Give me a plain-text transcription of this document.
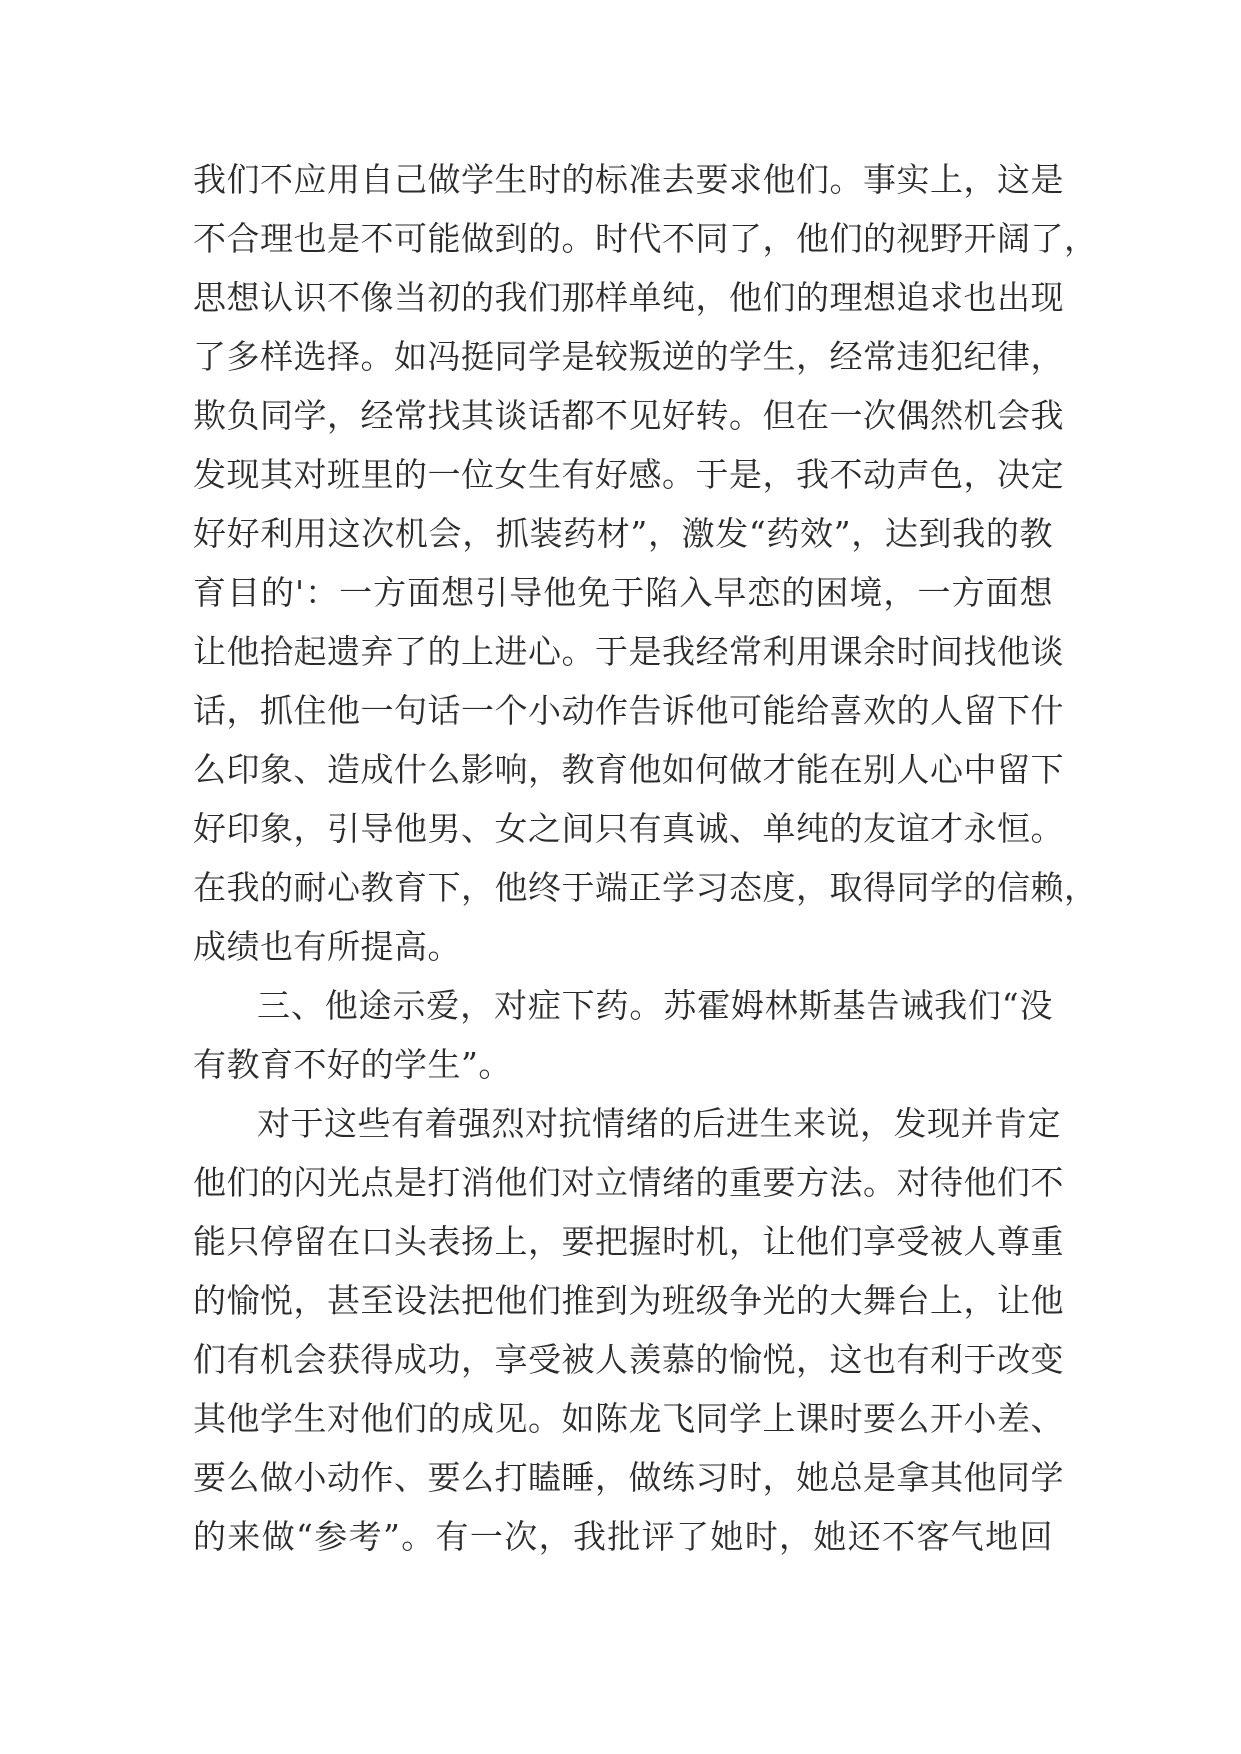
我们不应用自己做学生时的标准去要求他们。事实上，这是
不合理也是不可能做到的。时代不同了，他们的视野开阔了，
思想认识不像当初的我们那样单纯，他们的理想追求也出现
了多样选择。如冯挺同学是较叛逆的学生，经常违犯纪律，
欺负同学，经常找其谈话都不见好转。但在一次偶然机会我
发现其对班里的一位女生有好感。于是，我不动声色，决定
好好利用这次机会，抓装药材”，激发“药效”，达到我的教
育目的'：一方面想引导他免于陷入早恋的困境，一方面想
让他拾起遗弃了的上进心。于是我经常利用课余时间找他谈
话，抓住他一句话一个小动作告诉他可能给喜欢的人留下什
么印象、造成什么影响，教育他如何做才能在别人心中留下
好印象，引导他男、女之间只有真诚、单纯的友谊才永恒。
在我的耐心教育下，他终于端正学习态度，取得同学的信赖，
成绩也有所提高。
三、他途示爱，对症下药。苏霍姆林斯基告诫我们“没
有教育不好的学生”。
对于这些有着强烈对抗情绪的后进生来说，发现并肯定
他们的闪光点是打消他们对立情绪的重要方法。对待他们不
能只停留在口头表扬上，要把握时机，让他们享受被人尊重
的愉悦，甚至设法把他们推到为班级争光的大舞台上，让他
们有机会获得成功，享受被人羡慕的愉悦，这也有利于改变
其他学生对他们的成见。如陈龙飞同学上课时要么开小差、
要么做小动作、要么打瞌睡，做练习时，她总是拿其他同学
的来做“参考”。有一次，我批评了她时，她还不客气地回
